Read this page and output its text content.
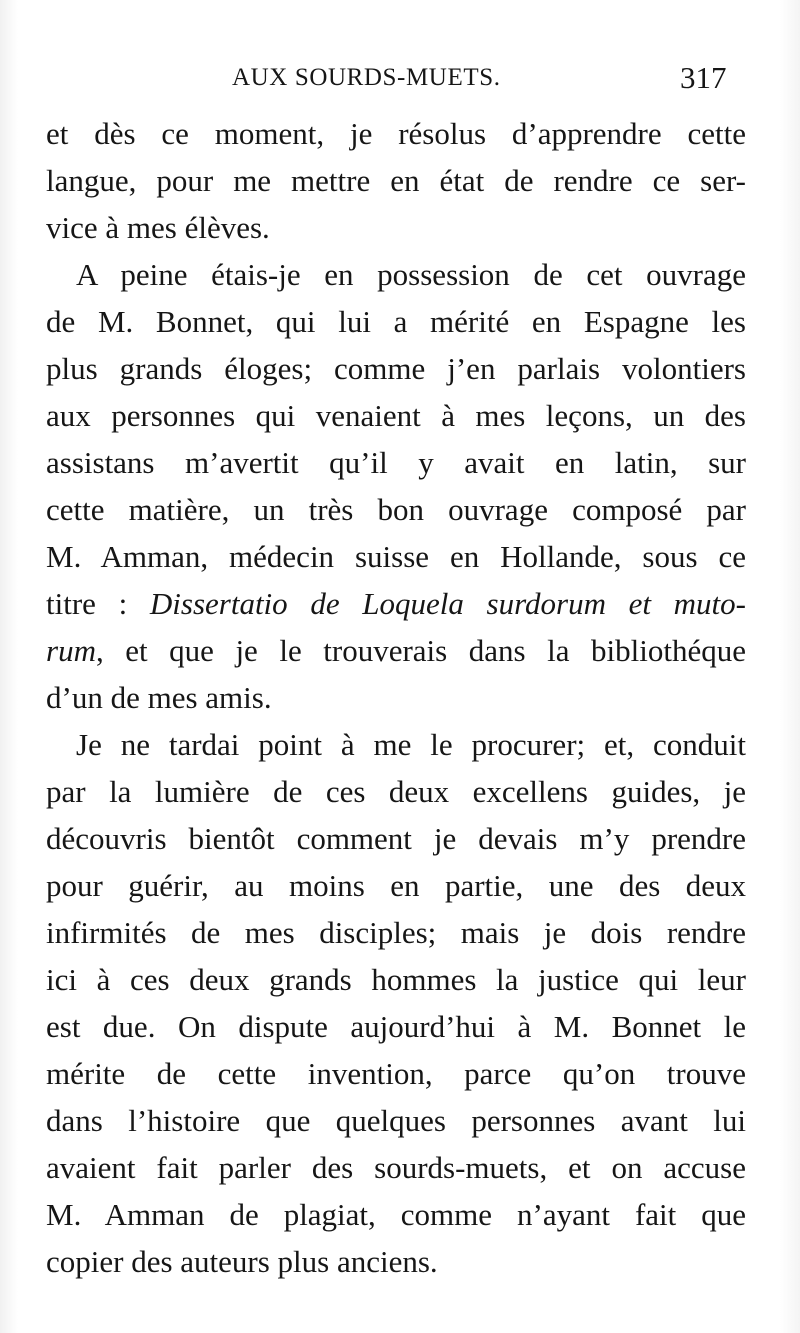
AUX SOURDS-MUETS.	317
et dès ce moment, je résolus d’apprendre cette
langue, pour me mettre en état de rendre ce ser-
vice à mes élèves.
A peine étais-je en possession de cet ouvrage
de M. Bonnet, qui lui a mérité en Espagne les
plus grands éloges; comme j’en parlais volontiers
aux personnes qui venaient à mes leçons, un des
assistans m’avertit qu’il y avait en latin, sur
cette matière, un très bon ouvrage composé par
M. Amman, médecin suisse en Hollande, sous ce
titre : Dissertatio de Loquela surdorum et muto-
rum, et que je le trouverais dans la bibliothéque
d’un de mes amis.
Je ne tardai point à me le procurer; et, conduit
par la lumière de ces deux excellens guides, je
découvris bientôt comment je devais m’y prendre
pour guérir, au moins en partie, une des deux
infirmités de mes disciples; mais je dois rendre
ici à ces deux grands hommes la justice qui leur
est due. On dispute aujourd’hui à M. Bonnet le
mérite de cette invention, parce qu’on trouve
dans l’histoire que quelques personnes avant lui
avaient fait parler des sourds-muets, et on accuse
M. Amman de plagiat, comme n’ayant fait que
copier des auteurs plus anciens.
